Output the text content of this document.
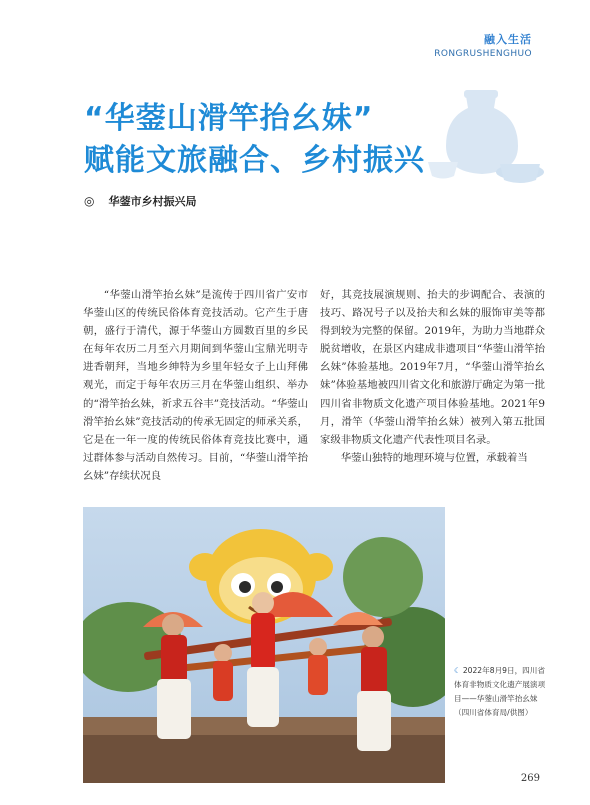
融入生活
RONGRUSHENGHUO
“华蓥山滑竿抬幺妹”
赋能文旅融合、乡村振兴
◎ 华蓥市乡村振兴局

“华蓥山滑竿抬幺妹”是流传于四川省广安市华蓥山区的传统民俗体育竞技活动。它产生于唐朝，盛行于清代，源于华蓥山方圆数百里的乡民在每年农历二月至六月期间到华蓥山宝鼎光明寺进香朝拜，当地乡绅特为乡里年轻女子上山拜佛观光，而定于每年农历三月在华蓥山组织、举办的“滑竿抬幺妹，祈求五谷丰”竞技活动。“华蓥山滑竿抬幺妹”竞技活动的传承无固定的师承关系，它是在一年一度的传统民俗体育竞技比赛中，通过群体参与活动自然传习。目前，“华蓥山滑竿抬幺妹”存续状况良

好，其竞技展演规则、抬夫的步调配合、表演的技巧、路况号子以及抬夫和幺妹的服饰审美等都得到较为完整的保留。2019年，为助力当地群众脱贫增收，在景区内建成非遗项目“华蓥山滑竿抬幺妹”体验基地。2019年7月，“华蓥山滑竿抬幺妹”体验基地被四川省文化和旅游厅确定为第一批四川省非物质文化遗产项目体验基地。2021年9月，滑竿（华蓥山滑竿抬幺妹）被列入第五批国家级非物质文化遗产代表性项目名录。

华蓥山独特的地理环境与位置，承载着当

☾ 2022年8月9日，四川省体育非物质文化遗产展演项目——华蓥山滑竿抬幺妹（四川省体育局/供图）
269
